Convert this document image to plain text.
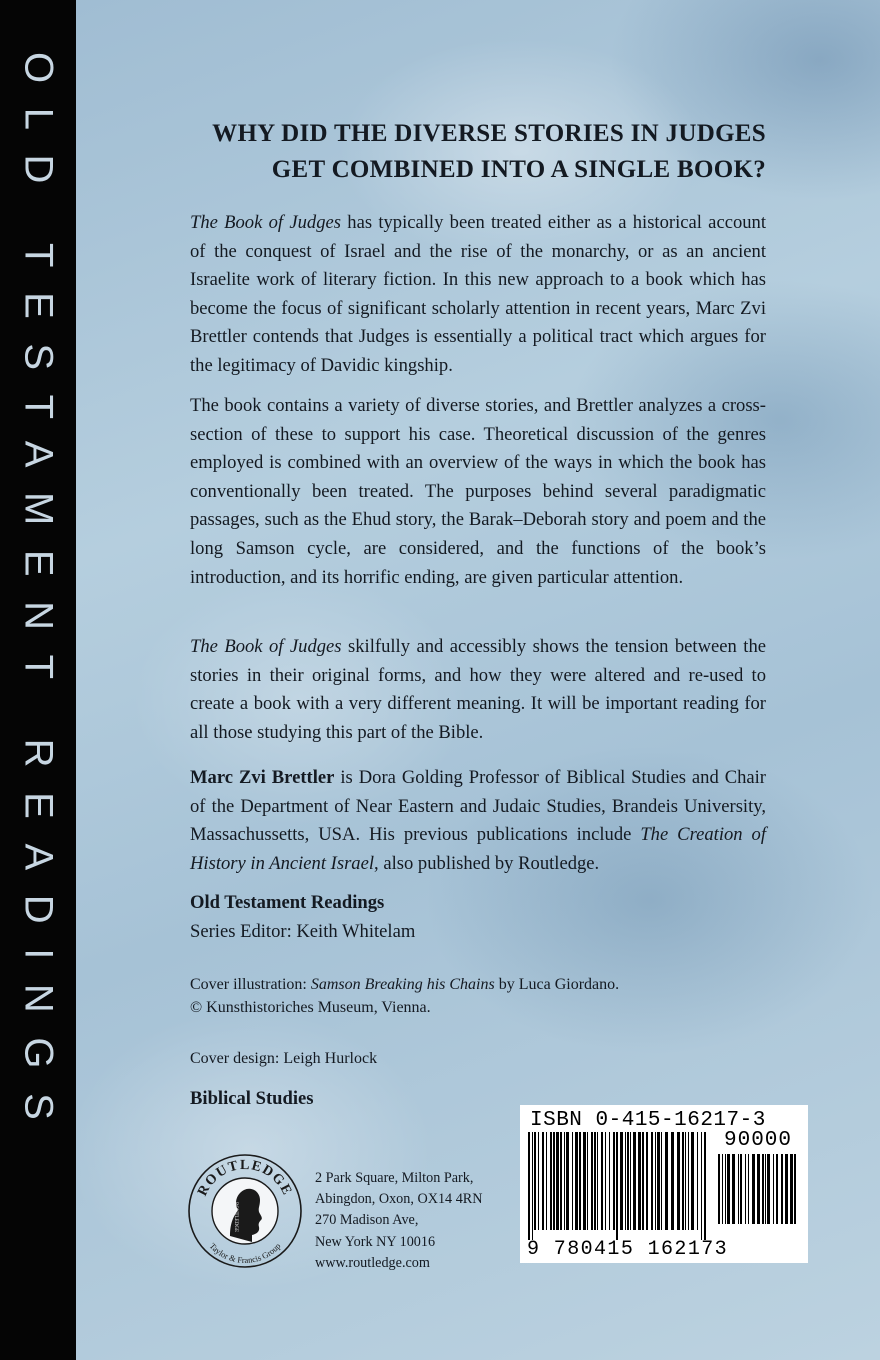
OLD TESTAMENT READINGS	WHY DID THE DIVERSE STORIES IN JUDGES
GET COMBINED INTO A SINGLE BOOK?

The Book of Judges has typically been treated either as a historical account of the conquest of Israel and the rise of the monarchy, or as an ancient Israelite work of literary fiction. In this new approach to a book which has become the focus of significant scholarly attention in recent years, Marc Zvi Brettler contends that Judges is essentially a political tract which argues for the legitimacy of Davidic kingship.

The book contains a variety of diverse stories, and Brettler analyzes a cross-section of these to support his case. Theoretical discussion of the genres employed is combined with an overview of the ways in which the book has conventionally been treated. The purposes behind several paradigmatic passages, such as the Ehud story, the Barak–Deborah story and poem and the long Samson cycle, are considered, and the functions of the book’s introduction, and its horrific ending, are given particular attention.

The Book of Judges skilfully and accessibly shows the tension between the stories in their original forms, and how they were altered and re-used to create a book with a very different meaning. It will be important reading for all those studying this part of the Bible.

Marc Zvi Brettler is Dora Golding Professor of Biblical Studies and Chair of the Department of Near Eastern and Judaic Studies, Brandeis University, Massachussetts, USA. His previous publications include The Creation of History in Ancient Israel, also published by Routledge.

Old Testament Readings
Series Editor: Keith Whitelam
Cover illustration: Samson Breaking his Chains by Luca Giordano.
© Kunsthistoriches Museum, Vienna.
Cover design: Leigh Hurlock
Biblical Studies
ROUTLEDGE
Taylor & Francis Group
ROUTLEDGE
2 Park Square, Milton Park,
Abingdon, Oxon, OX14 4RN
270 Madison Ave,
New York NY 10016
www.routledge.com
ISBN 0-415-16217-3
90000
9 780415 162173
